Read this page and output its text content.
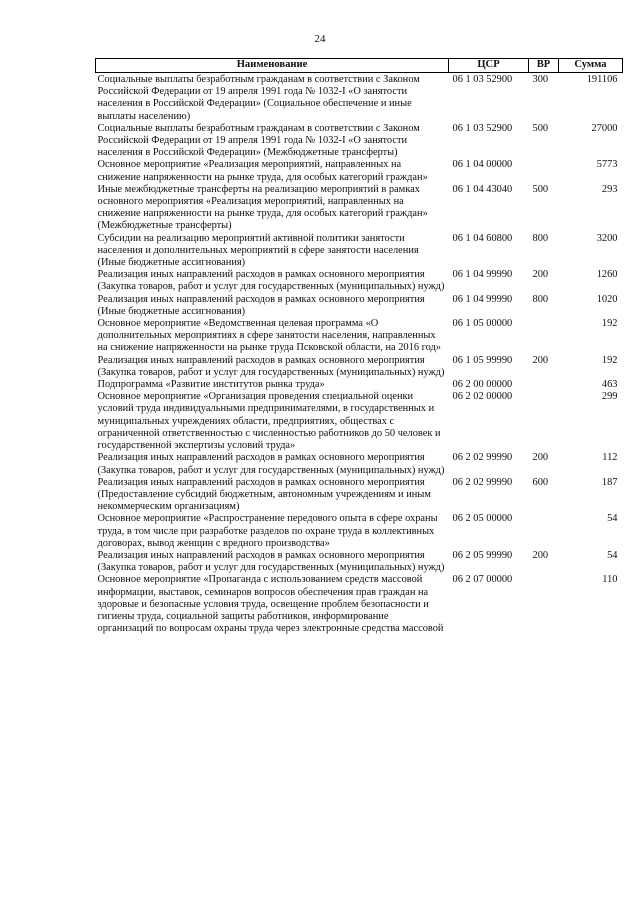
24
Наименование	ЦСР	ВР	Сумма
Социальные выплаты безработным гражданам в соответствии с Законом Российской Федерации от 19 апреля 1991 года № 1032-I «О занятости населения в Российской Федерации» (Социальное обеспечение и иные выплаты населению)	06 1 03 52900	300	191106
Социальные выплаты безработным гражданам в соответствии с Законом Российской Федерации от 19 апреля 1991 года № 1032-I «О занятости населения в Российской Федерации» (Межбюджетные трансферты)	06 1 03 52900	500	27000
Основное мероприятие «Реализация мероприятий, направленных на снижение напряженности на рынке труда, для особых категорий граждан»	06 1 04 00000		5773
Иные межбюджетные трансферты на реализацию мероприятий в рамках основного мероприятия «Реализация мероприятий, направленных на снижение напряженности на рынке труда, для особых категорий граждан» (Межбюджетные трансферты)	06 1 04 43040	500	293
Субсидии на реализацию мероприятий активной политики занятости населения и дополнительных мероприятий в сфере занятости населения (Иные бюджетные ассигнования)	06 1 04 60800	800	3200
Реализация иных направлений расходов в рамках основного мероприятия (Закупка товаров, работ и услуг для государственных (муниципальных) нужд)	06 1 04 99990	200	1260
Реализация иных направлений расходов в рамках основного мероприятия (Иные бюджетные ассигнования)	06 1 04 99990	800	1020
Основное мероприятие «Ведомственная целевая программа «О дополнительных мероприятиях в сфере занятости населения, направленных на снижение напряженности на рынке труда Псковской области, на 2016 год»	06 1 05 00000		192
Реализация иных направлений расходов в рамках основного мероприятия (Закупка товаров, работ и услуг для государственных (муниципальных) нужд)	06 1 05 99990	200	192
Подпрограмма «Развитие институтов рынка труда»	06 2 00 00000		463
Основное мероприятие «Организация проведения специальной оценки условий труда индивидуальными предпринимателями, в государственных и муниципальных учреждениях области, предприятиях, обществах с ограниченной ответственностью с численностью работников до 50 человек и государственной экспертизы условий труда»	06 2 02 00000		299
Реализация иных направлений расходов в рамках основного мероприятия (Закупка товаров, работ и услуг для государственных (муниципальных) нужд)	06 2 02 99990	200	112
Реализация иных направлений расходов в рамках основного мероприятия (Предоставление субсидий бюджетным, автономным учреждениям и иным некоммерческим организациям)	06 2 02 99990	600	187
Основное мероприятие «Распространение передового опыта в сфере охраны труда, в том числе при разработке разделов по охране труда в коллективных договорах, вывод женщин с вредного производства»	06 2 05 00000		54
Реализация иных направлений расходов в рамках основного мероприятия (Закупка товаров, работ и услуг для государственных (муниципальных) нужд)	06 2 05 99990	200	54
Основное мероприятие «Пропаганда с использованием средств массовой информации, выставок, семинаров вопросов обеспечения прав граждан на здоровые и безопасные условия труда, освещение проблем безопасности и гигиены труда, социальной защиты работников, информирование организаций по вопросам охраны труда через электронные средства массовой	06 2 07 00000		110
